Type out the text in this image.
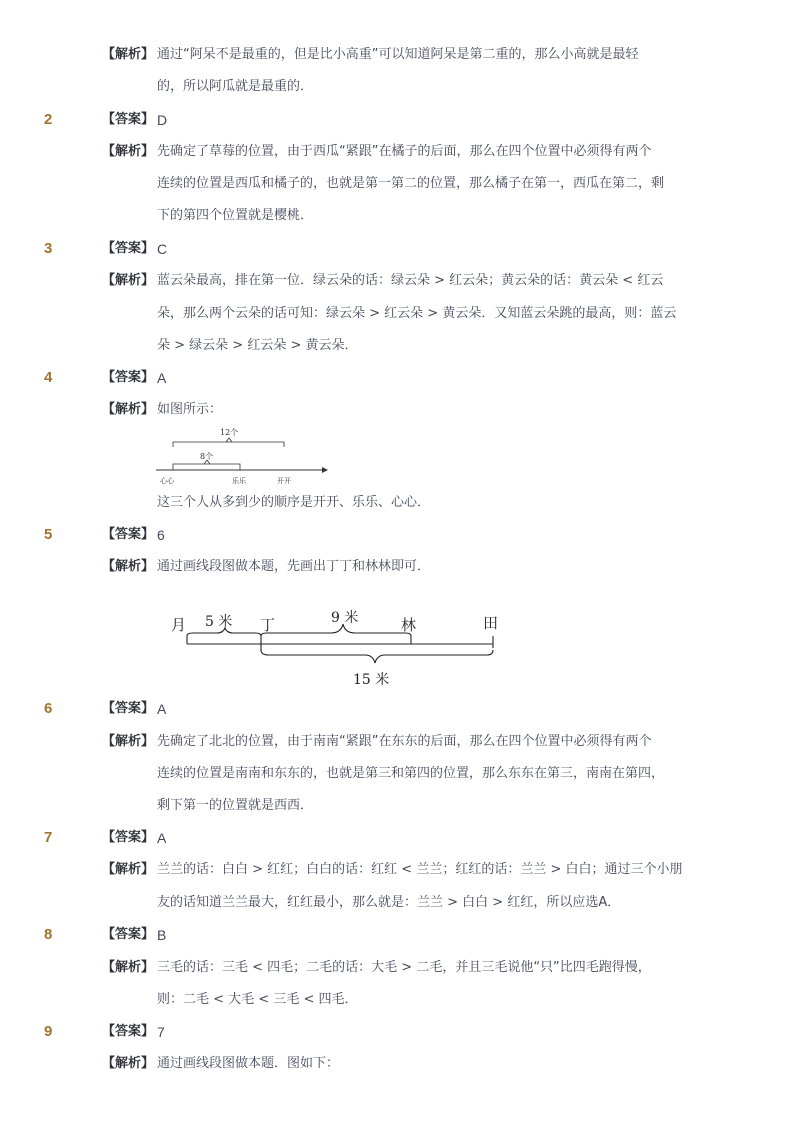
【解析】 通过“阿呆不是最重的，但是比小高重”可以知道阿呆是第二重的，那么小高就是最轻
的，所以阿瓜就是最重的．
2	【答案】 D
【解析】 先确定了草莓的位置，由于西瓜“紧跟”在橘子的后面，那么在四个位置中必须得有两个
连续的位置是西瓜和橘子的，也就是第一第二的位置，那么橘子在第一，西瓜在第二，剩
下的第四个位置就是樱桃．
3	【答案】 C
【解析】 蓝云朵最高，排在第一位．绿云朵的话：绿云朵 > 红云朵；黄云朵的话：黄云朵 < 红云
朵，那么两个云朵的话可知：绿云朵 > 红云朵 > 黄云朵．又知蓝云朵跳的最高，则：蓝云
朵 > 绿云朵 > 红云朵 > 黄云朵．
4	【答案】 A
【解析】 如图所示：
12个
8个
心心	乐乐	开开
这三个人从多到少的顺序是开开、乐乐、心心．
5	【答案】 6
【解析】 通过画线段图做本题，先画出丁丁和林林即可．
月 5 米 丁	9 米	林	田
15 米
6	【答案】 A
【解析】 先确定了北北的位置，由于南南“紧跟”在东东的后面，那么在四个位置中必须得有两个
连续的位置是南南和东东的，也就是第三和第四的位置，那么东东在第三，南南在第四，
剩下第一的位置就是西西．
7	【答案】 A
【解析】 兰兰的话：白白 > 红红；白白的话：红红 < 兰兰；红红的话：兰兰 > 白白；通过三个小朋
友的话知道兰兰最大，红红最小，那么就是：兰兰 > 白白 > 红红，所以应选A．
8	【答案】 B
【解析】 三毛的话：三毛 < 四毛；二毛的话：大毛 > 二毛，并且三毛说他“只”比四毛跑得慢，
则：二毛 < 大毛 < 三毛 < 四毛．
9	【答案】 7
【解析】 通过画线段图做本题．图如下：
